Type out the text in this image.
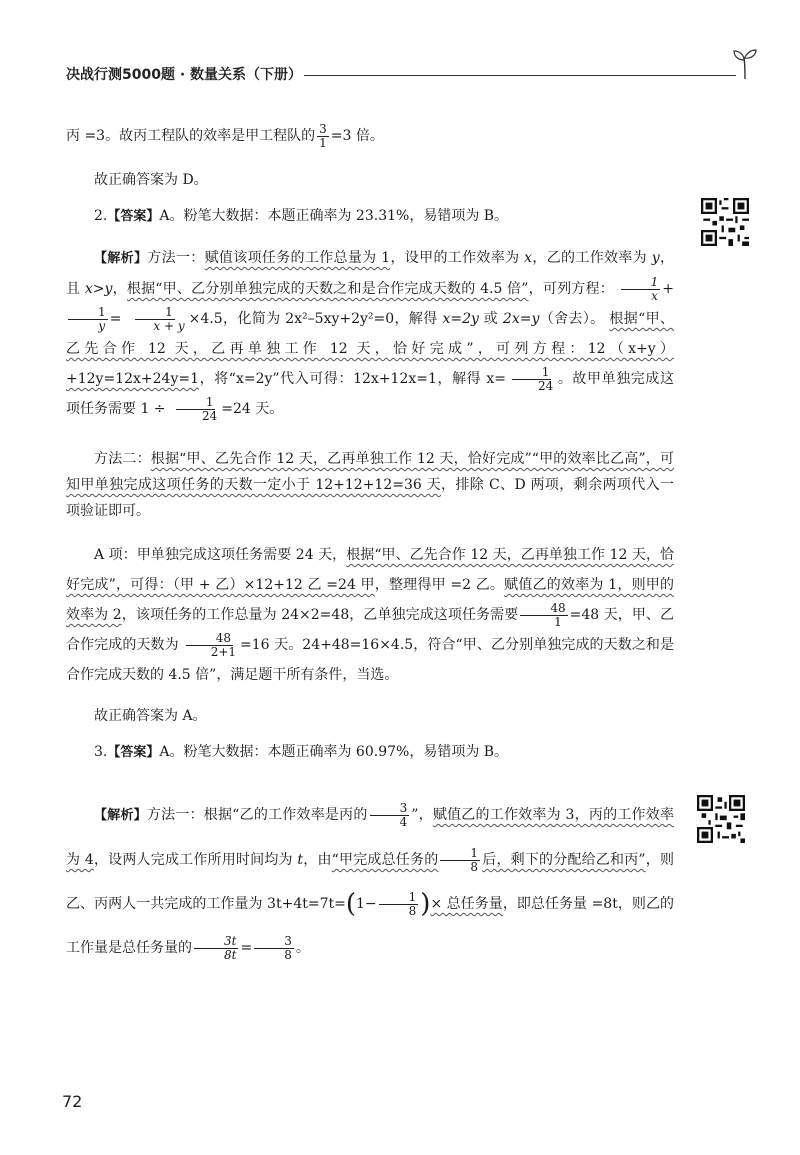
决战行测5000题 · 数量关系（下册）

丙 =3。故丙工程队的效率是甲工程队的 $\frac{3}{1} =3$ 倍。

故正确答案为 D。

2.【答案】A。粉笔大数据：本题正确率为 23.31%，易错项为 B。

【解析】方法一：赋值该项任务的工作总量为 1，设甲的工作效率为 x，乙的工作效率为 y，且 x>y，根据“甲、乙分别单独完成的天数之和是合作完成天数的 4.5 倍”，可列方程： $\frac{1}{x}$ +
$\frac{1}{y} = \frac{1}{x + y} \times 4.5$，化简为 2x²–5xy+2y²=0，解得 x=2y 或 2x=y（舍去）。 根据“甲、乙先合作 12 天，乙再单独工作 12 天，恰好完成”，可列方程：12（x+y）+12y=12x+24y=1，将“x=2y”代入可得：12x+12x=1，解得 $x= \frac{1}{24}$ 。故甲单独完成这项任务需要 $1 \div \frac{1}{24} =24$ 天。

方法二：根据“甲、乙先合作 12 天，乙再单独工作 12 天，恰好完成”“甲的效率比乙高”，可知甲单独完成这项任务的天数一定小于 12+12+12=36 天，排除 C、D 两项，剩余两项代入一项验证即可。

A 项：甲单独完成这项任务需要 24 天，根据“甲、乙先合作 12 天，乙再单独工作 12 天，恰好完成”，可得：（甲 + 乙）×12+12 乙 =24 甲，整理得甲 =2 乙。赋值乙的效率为 1，则甲的效率为 2，该项任务的工作总量为 24×2=48，乙单独完成这项任务需要 $\frac{48}{1} =48$ 天，甲、乙合作完成的天数为 $\frac{48}{2+1} =16$ 天。24+48=16×4.5，符合“甲、乙分别单独完成的天数之和是合作完成天数的 4.5 倍”，满足题干所有条件，当选。

故正确答案为 A。

3.【答案】A。粉笔大数据：本题正确率为 60.97%，易错项为 B。

【解析】方法一：根据“乙的工作效率是丙的 $\frac{3}{4}$ ”，赋值乙的工作效率为 3，丙的工作效率为 4，设两人完成工作所用时间均为 t，由“甲完成总任务的 $\frac{1}{8}$ 后，剩下的分配给乙和丙”，则乙、丙两人一共完成的工作量为 $3t+4t=7t=(1- \frac{1}{8}$ )× 总任务量，即总任务量 =8t，则乙的工作量是总任务量的 $\frac{3t}{8t} = \frac{3}{8}$ 。

72
